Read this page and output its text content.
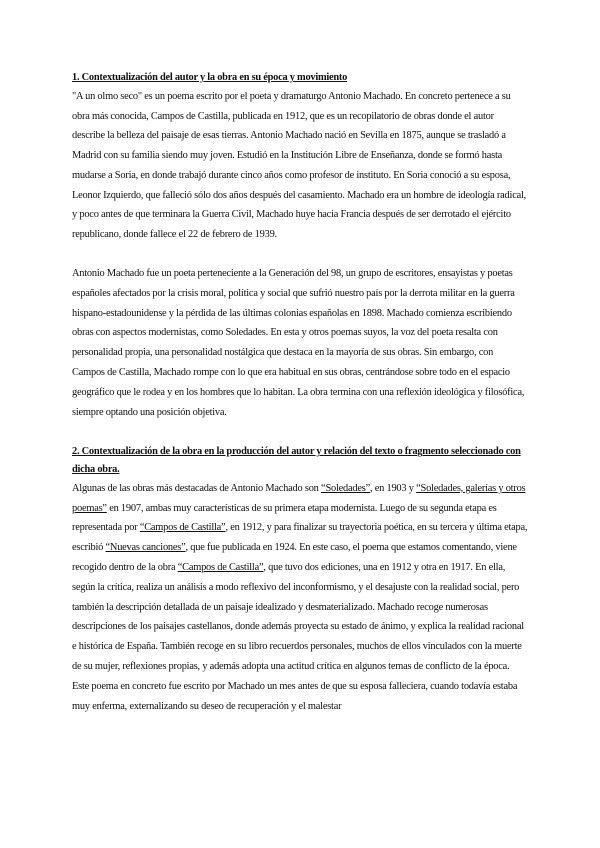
1. Contextualización del autor y la obra en su época y movimiento

"A un olmo seco" es un poema escrito por el poeta y dramaturgo Antonio Machado. En concreto pertenece a su obra más conocida, Campos de Castilla, publicada en 1912, que es un recopilatorio de obras donde el autor describe la belleza del paisaje de esas tierras. Antonio Machado nació en Sevilla en 1875, aunque se trasladó a Madrid con su familia siendo muy joven. Estudió en la Institución Libre de Enseñanza, donde se formó hasta mudarse a Soria, en donde trabajó durante cinco años como profesor de instituto. En Soria conoció a su esposa, Leonor Izquierdo, que falleció sólo dos años después del casamiento. Machado era un hombre de ideología radical, y poco antes de que terminara la Guerra Civil, Machado huye hacia Francia después de ser derrotado el ejército republicano, donde fallece el 22 de febrero de 1939.

Antonio Machado fue un poeta perteneciente a la Generación del 98, un grupo de escritores, ensayistas y poetas españoles afectados por la crisis moral, política y social que sufrió nuestro país por la derrota militar en la guerra hispano-estadounidense y la pérdida de las últimas colonias españolas en 1898. Machado comienza escribiendo obras con aspectos modernistas, como Soledades. En esta y otros poemas suyos, la voz del poeta resalta con personalidad propia, una personalidad nostálgica que destaca en la mayoría de sus obras. Sin embargo, con Campos de Castilla, Machado rompe con lo que era habitual en sus obras, centrándose sobre todo en el espacio geográfico que le rodea y en los hombres que lo habitan. La obra termina con una reflexión ideológica y filosófica, siempre optando una posición objetiva.

2. Contextualización de la obra en la producción del autor y relación del texto o fragmento seleccionado con dicha obra.

Algunas de las obras más destacadas de Antonio Machado son “Soledades”, en 1903 y “Soledades, galerías y otros poemas” en 1907, ambas muy características de su primera etapa modernista. Luego de su segunda etapa es representada por “Campos de Castilla”, en 1912, y para finalizar su trayectoria poética, en su tercera y última etapa, escribió “Nuevas canciones”, que fue publicada en 1924. En este caso, el poema que estamos comentando, viene recogido dentro de la obra “Campos de Castilla”, que tuvo dos ediciones, una en 1912 y otra en 1917. En ella, según la crítica, realiza un análisis a modo reflexivo del inconformismo, y el desajuste con la realidad social, pero también la descripción detallada de un paisaje idealizado y desmaterializado. Machado recoge numerosas descripciones de los paisajes castellanos, donde además proyecta su estado de ánimo, y explica la realidad racional e histórica de España. También recoge en su libro recuerdos personales, muchos de ellos vinculados con la muerte de su mujer, reflexiones propias, y además adopta una actitud crítica en algunos temas de conflicto de la época. Este poema en concreto fue escrito por Machado un mes antes de que su esposa falleciera, cuando todavía estaba muy enferma, externalizando su deseo de recuperación y el malestar
